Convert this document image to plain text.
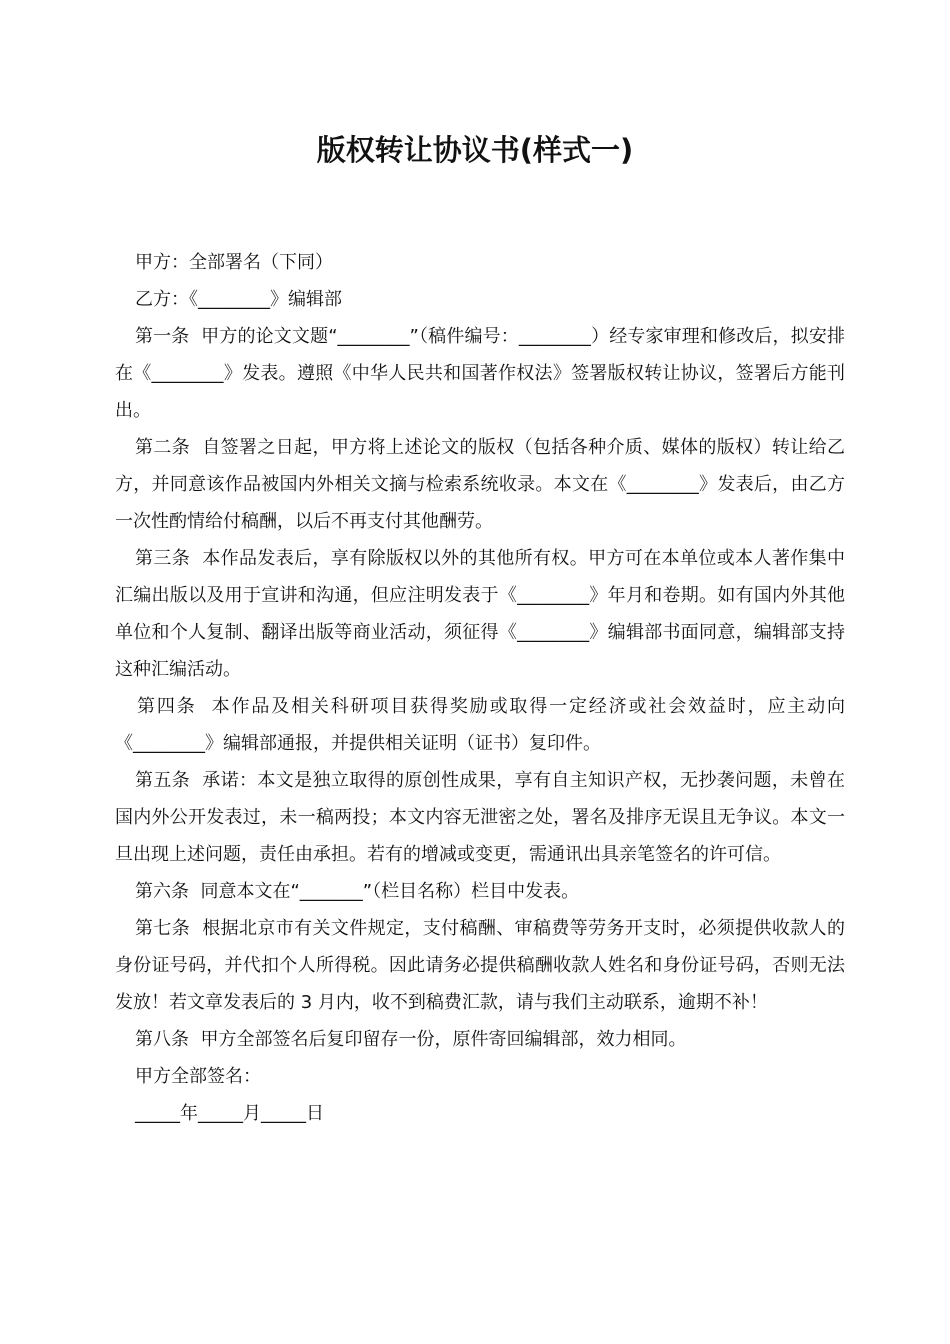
版权转让协议书(样式一)

甲方：全部署名（下同）

乙方：《________》编辑部

第一条  甲方的论文文题“________”（稿件编号：________）经专家审理和修改后，拟安排在《________》发表。遵照《中华人民共和国著作权法》签署版权转让协议，签署后方能刊出。

第二条  自签署之日起，甲方将上述论文的版权（包括各种介质、媒体的版权）转让给乙方，并同意该作品被国内外相关文摘与检索系统收录。本文在《________》发表后，由乙方一次性酌情给付稿酬，以后不再支付其他酬劳。

第三条  本作品发表后，享有除版权以外的其他所有权。甲方可在本单位或本人著作集中汇编出版以及用于宣讲和沟通，但应注明发表于《________》年月和卷期。如有国内外其他单位和个人复制、翻译出版等商业活动，须征得《________》编辑部书面同意，编辑部支持这种汇编活动。

第四条  本作品及相关科研项目获得奖励或取得一定经济或社会效益时，应主动向《________》编辑部通报，并提供相关证明（证书）复印件。

第五条  承诺：本文是独立取得的原创性成果，享有自主知识产权，无抄袭问题，未曾在国内外公开发表过，未一稿两投；本文内容无泄密之处，署名及排序无误且无争议。本文一旦出现上述问题，责任由承担。若有的增减或变更，需通讯出具亲笔签名的许可信。

第六条  同意本文在“_______”（栏目名称）栏目中发表。

第七条  根据北京市有关文件规定，支付稿酬、审稿费等劳务开支时，必须提供收款人的身份证号码，并代扣个人所得税。因此请务必提供稿酬收款人姓名和身份证号码，否则无法发放！若文章发表后的 3 月内，收不到稿费汇款，请与我们主动联系，逾期不补！

第八条  甲方全部签名后复印留存一份，原件寄回编辑部，效力相同。

甲方全部签名：

_____年_____月_____日
